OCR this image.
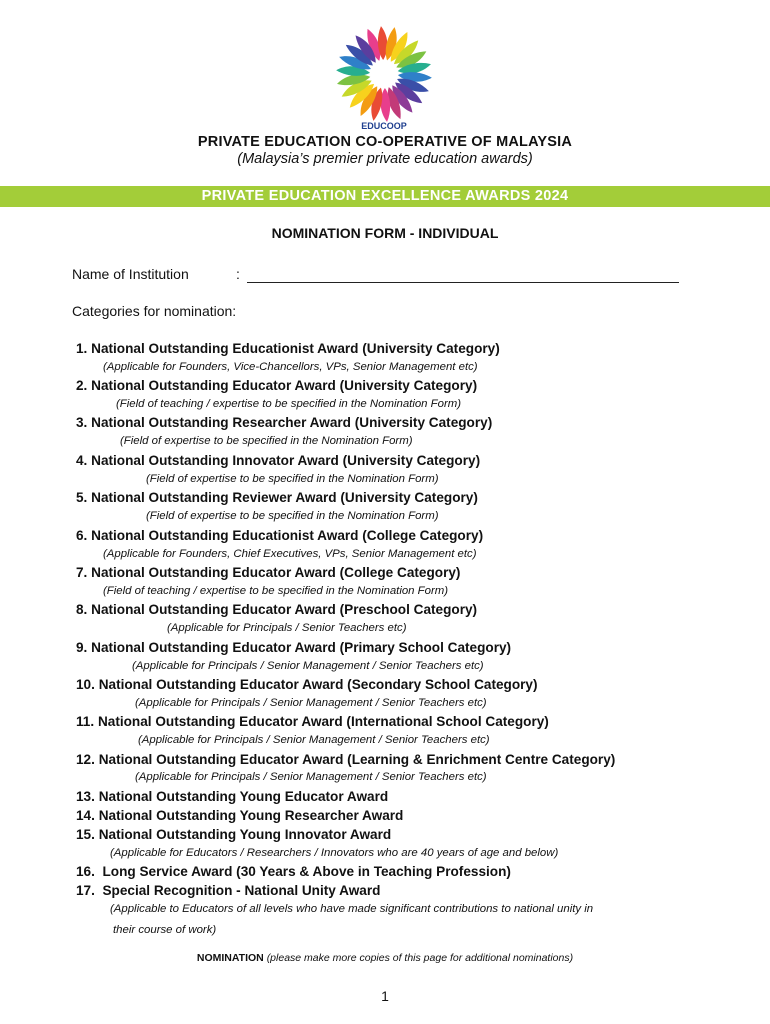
EDUCOOP
PRIVATE EDUCATION CO-OPERATIVE OF MALAYSIA
(Malaysia’s premier private education awards)
PRIVATE EDUCATION EXCELLENCE AWARDS 2024
NOMINATION FORM - INDIVIDUAL
Name of Institution	:
Categories for nomination:
1. National Outstanding Educationist Award (University Category)
(Applicable for Founders, Vice-Chancellors, VPs, Senior Management etc)
2. National Outstanding Educator Award (University Category)
(Field of teaching / expertise to be specified in the Nomination Form)
3. National Outstanding Researcher Award (University Category)
(Field of expertise to be specified in the Nomination Form)
4. National Outstanding Innovator Award (University Category)
(Field of expertise to be specified in the Nomination Form)
5. National Outstanding Reviewer Award (University Category)
(Field of expertise to be specified in the Nomination Form)
6. National Outstanding Educationist Award (College Category)
(Applicable for Founders, Chief Executives, VPs, Senior Management etc)
7. National Outstanding Educator Award (College Category)
(Field of teaching / expertise to be specified in the Nomination Form)
8. National Outstanding Educator Award (Preschool Category)
(Applicable for Principals / Senior Teachers etc)
9. National Outstanding Educator Award (Primary School Category)
(Applicable for Principals / Senior Management / Senior Teachers etc)
10. National Outstanding Educator Award (Secondary School Category)
(Applicable for Principals / Senior Management / Senior Teachers etc)
11. National Outstanding Educator Award (International School Category)
(Applicable for Principals / Senior Management / Senior Teachers etc)
12. National Outstanding Educator Award (Learning & Enrichment Centre Category)
(Applicable for Principals / Senior Management / Senior Teachers etc)
13. National Outstanding Young Educator Award
14. National Outstanding Young Researcher Award
15. National Outstanding Young Innovator Award
(Applicable for Educators / Researchers / Innovators who are 40 years of age and below)
16. Long Service Award (30 Years & Above in Teaching Profession)
17. Special Recognition - National Unity Award
(Applicable to Educators of all levels who have made significant contributions to national unity in
their course of work)
NOMINATION (please make more copies of this page for additional nominations)
1
